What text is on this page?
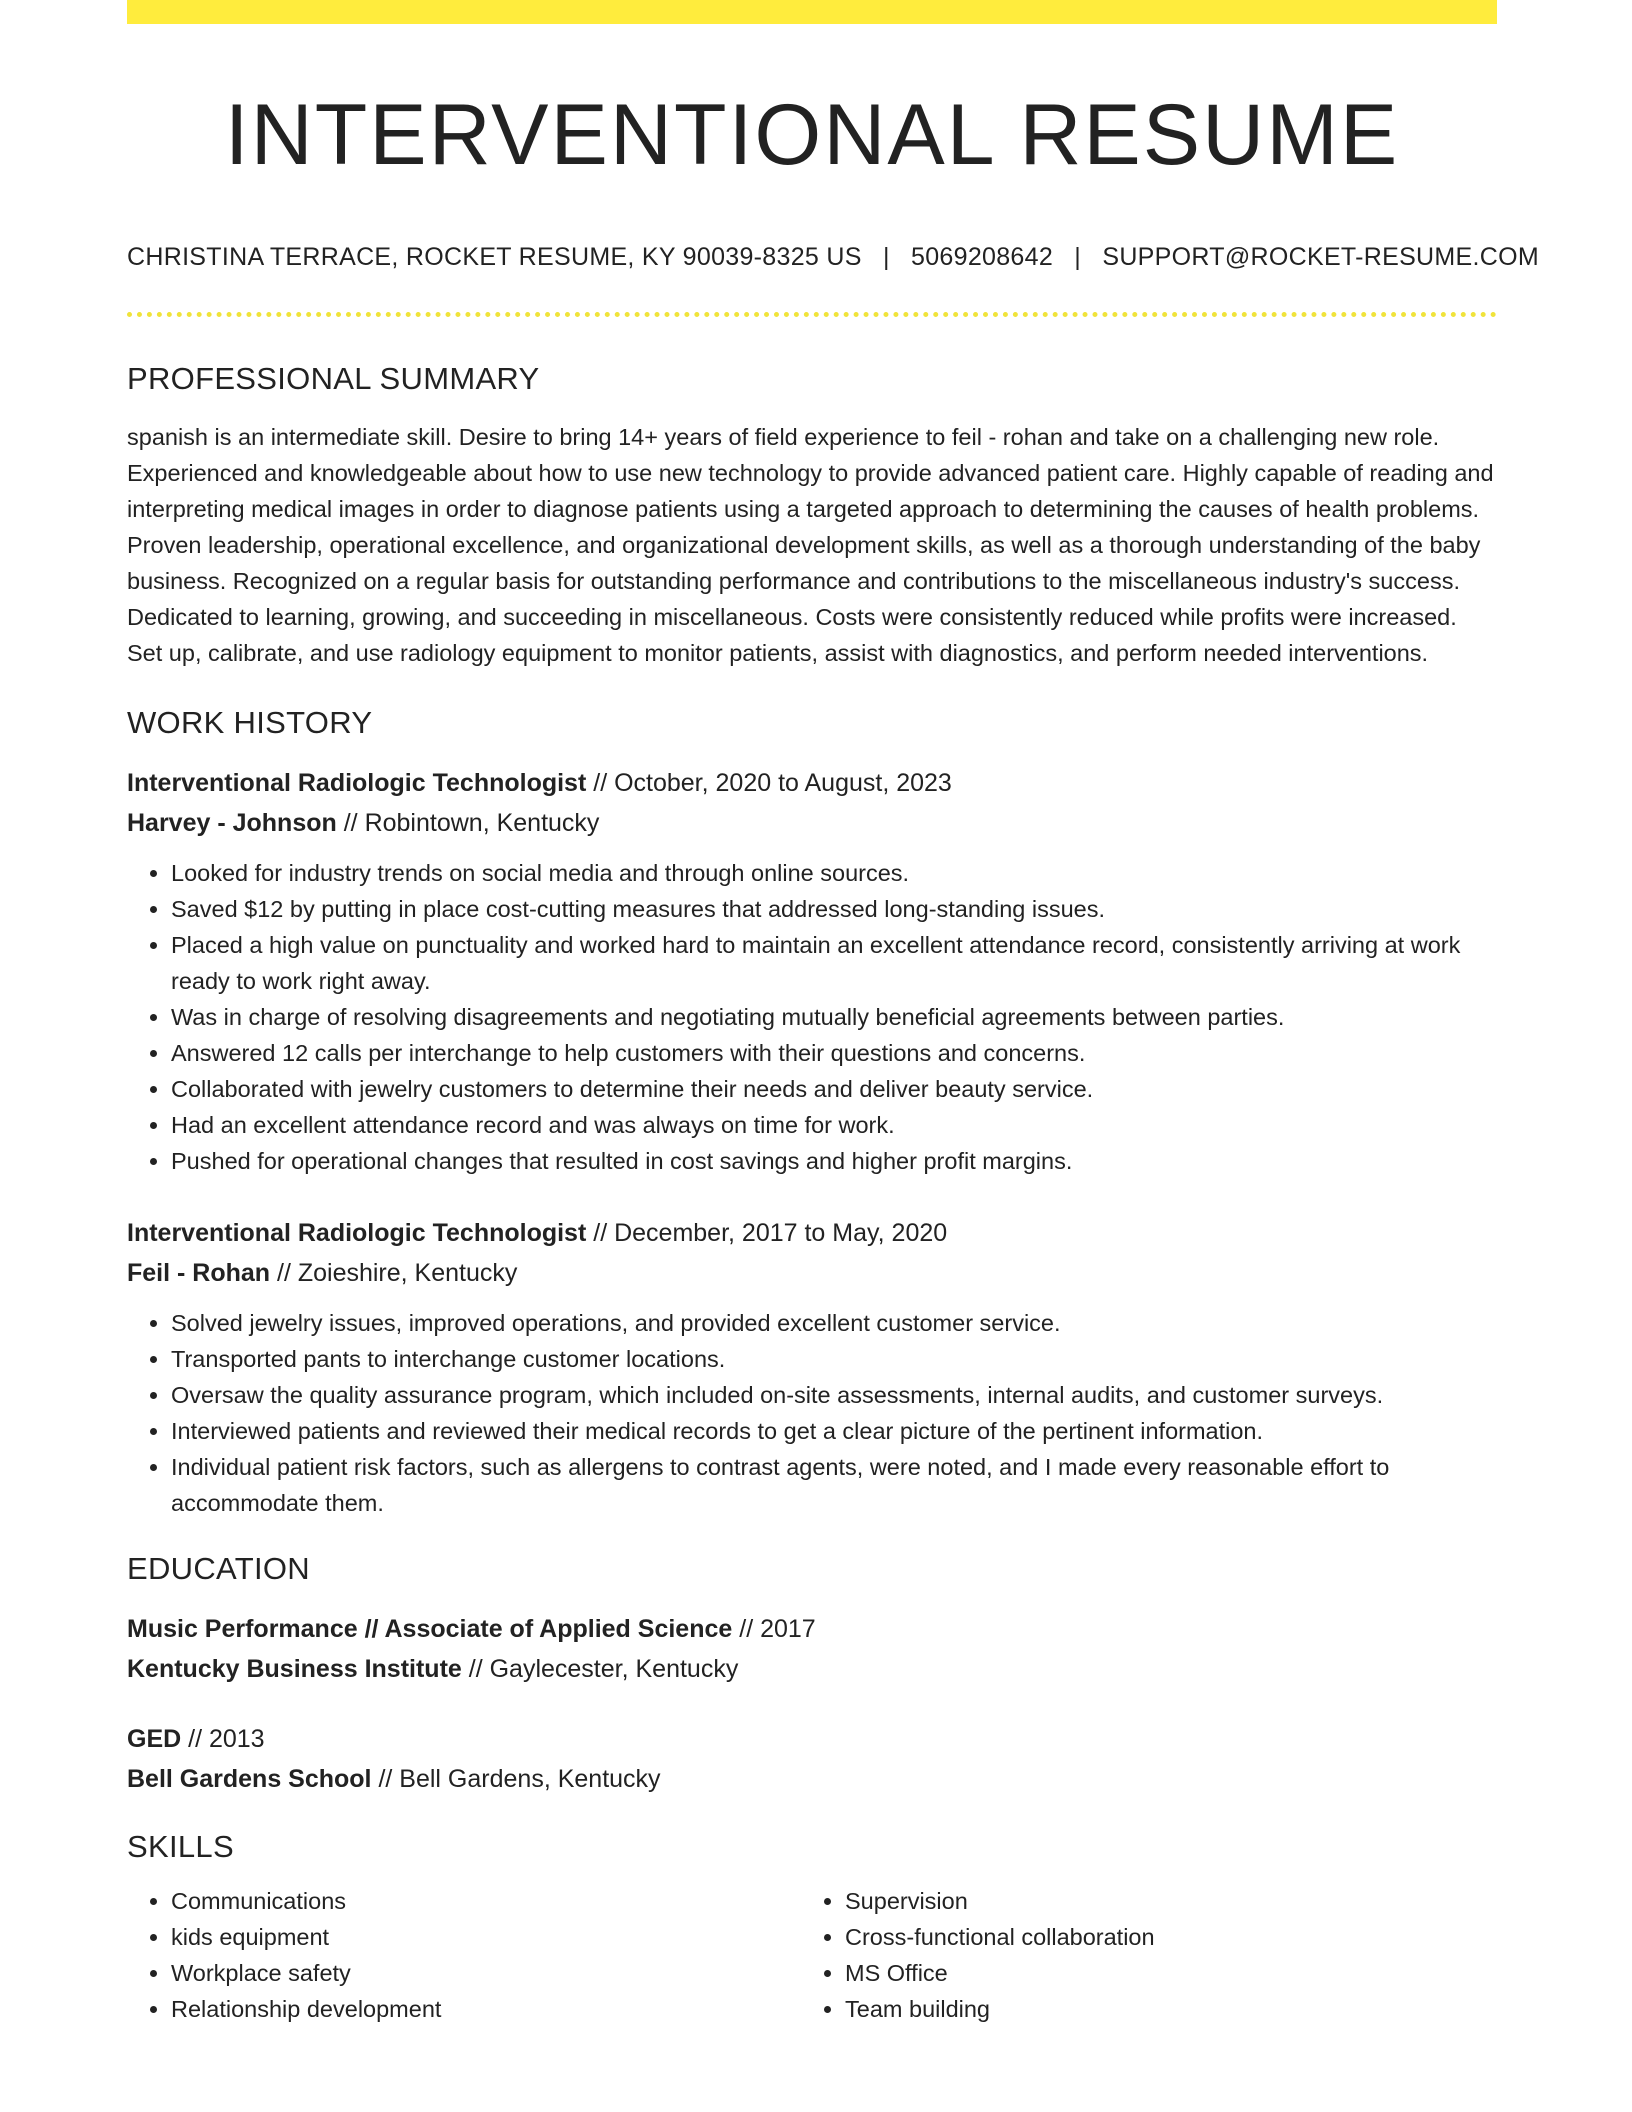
INTERVENTIONAL RESUME
CHRISTINA TERRACE, ROCKET RESUME, KY 90039-8325 US | 5069208642 | SUPPORT@ROCKET-RESUME.COM
PROFESSIONAL SUMMARY

spanish is an intermediate skill. Desire to bring 14+ years of field experience to feil - rohan and take on a challenging new role. Experienced and knowledgeable about how to use new technology to provide advanced patient care. Highly capable of reading and interpreting medical images in order to diagnose patients using a targeted approach to determining the causes of health problems. Proven leadership, operational excellence, and organizational development skills, as well as a thorough understanding of the baby business. Recognized on a regular basis for outstanding performance and contributions to the miscellaneous industry's success. Dedicated to learning, growing, and succeeding in miscellaneous. Costs were consistently reduced while profits were increased. Set up, calibrate, and use radiology equipment to monitor patients, assist with diagnostics, and perform needed interventions.

WORK HISTORY
Interventional Radiologic Technologist // October, 2020 to August, 2023
Harvey - Johnson // Robintown, Kentucky
• Looked for industry trends on social media and through online sources.
• Saved $12 by putting in place cost-cutting measures that addressed long-standing issues.
• Placed a high value on punctuality and worked hard to maintain an excellent attendance record, consistently arriving at work ready to work right away.
• Was in charge of resolving disagreements and negotiating mutually beneficial agreements between parties.
• Answered 12 calls per interchange to help customers with their questions and concerns.
• Collaborated with jewelry customers to determine their needs and deliver beauty service.
• Had an excellent attendance record and was always on time for work.
• Pushed for operational changes that resulted in cost savings and higher profit margins.
Interventional Radiologic Technologist // December, 2017 to May, 2020
Feil - Rohan // Zoieshire, Kentucky
• Solved jewelry issues, improved operations, and provided excellent customer service.
• Transported pants to interchange customer locations.
• Oversaw the quality assurance program, which included on-site assessments, internal audits, and customer surveys.
• Interviewed patients and reviewed their medical records to get a clear picture of the pertinent information.
• Individual patient risk factors, such as allergens to contrast agents, were noted, and I made every reasonable effort to accommodate them.
EDUCATION
Music Performance // Associate of Applied Science // 2017
Kentucky Business Institute // Gaylecester, Kentucky
GED // 2013
Bell Gardens School // Bell Gardens, Kentucky
SKILLS
• Communications
• kids equipment
• Workplace safety
• Relationship development
• Supervision
• Cross-functional collaboration
• MS Office
• Team building
